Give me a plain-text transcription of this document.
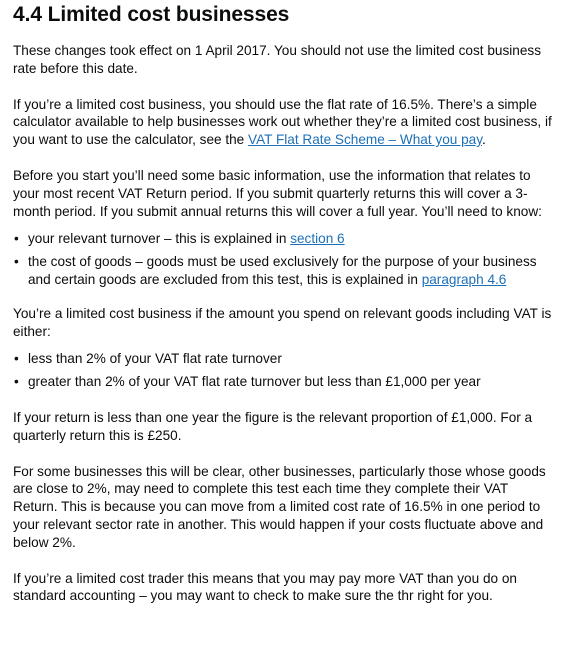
4.4 Limited cost businesses

These changes took effect on 1 April 2017. You should not use the limited cost business rate before this date.

If you’re a limited cost business, you should use the flat rate of 16.5%. There’s a simple calculator available to help businesses work out whether they’re a limited cost business, if you want to use the calculator, see the VAT Flat Rate Scheme – What you pay.

Before you start you’ll need some basic information, use the information that relates to your most recent VAT Return period. If you submit quarterly returns this will cover a 3-month period. If you submit annual returns this will cover a full year. You’ll need to know:

• your relevant turnover – this is explained in section 6
• the cost of goods – goods must be used exclusively for the purpose of your business and certain goods are excluded from this test, this is explained in paragraph 4.6

You’re a limited cost business if the amount you spend on relevant goods including VAT is either:

• less than 2% of your VAT flat rate turnover
• greater than 2% of your VAT flat rate turnover but less than £1,000 per year

If your return is less than one year the figure is the relevant proportion of £1,000. For a quarterly return this is £250.

For some businesses this will be clear, other businesses, particularly those whose goods are close to 2%, may need to complete this test each time they complete their VAT Return. This is because you can move from a limited cost rate of 16.5% in one period to your relevant sector rate in another. This would happen if your costs fluctuate above and below 2%.

If you’re a limited cost trader this means that you may pay more VAT than you do on standard accounting – you may want to check to make sure the thr right for you.
